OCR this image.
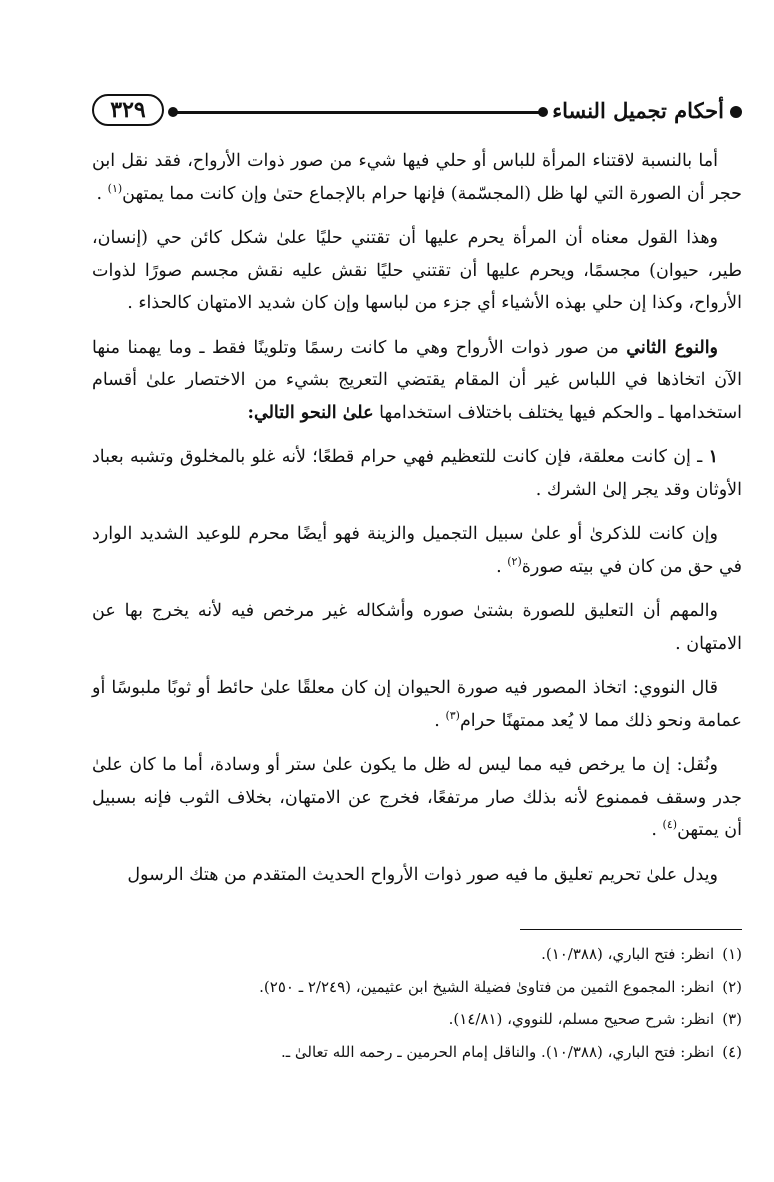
أحكام تجميل النساء
٣٢٩

أما بالنسبة لاقتناء المرأة للباس أو حلي فيها شيء من صور ذوات الأرواح، فقد نقل ابن حجر أن الصورة التي لها ظل (المجسّمة) فإنها حرام بالإجماع حتىٰ وإن كانت مما يمتهن$^{(١)}$ .

وهذا القول معناه أن المرأة يحرم عليها أن تقتني حليًا علىٰ شكل كائن حي (إنسان، طير، حيوان) مجسمًا، ويحرم عليها أن تقتني حليًا نقش عليه نقش مجسم صورًا لذوات الأرواح، وكذا إن حلي بهذه الأشياء أي جزء من لباسها وإن كان شديد الامتهان كالحذاء .

والنوع الثاني من صور ذوات الأرواح وهي ما كانت رسمًا وتلوينًا فقط ـ وما يهمنا منها الآن اتخاذها في اللباس غير أن المقام يقتضي التعريج بشيء من الاختصار علىٰ أقسام استخدامها ـ والحكم فيها يختلف باختلاف استخدامها علىٰ النحو التالي:

١ ـ إن كانت معلقة، فإن كانت للتعظيم فهي حرام قطعًا؛ لأنه غلو بالمخلوق وتشبه بعباد الأوثان وقد يجر إلىٰ الشرك .

وإن كانت للذكرىٰ أو علىٰ سبيل التجميل والزينة فهو أيضًا محرم للوعيد الشديد الوارد في حق من كان في بيته صورة$^{(٢)}$ .

والمهم أن التعليق للصورة بشتىٰ صوره وأشكاله غير مرخص فيه لأنه يخرج بها عن الامتهان .

قال النووي: اتخاذ المصور فيه صورة الحيوان إن كان معلقًا علىٰ حائط أو ثوبًا ملبوسًا أو عمامة ونحو ذلك مما لا يُعد ممتهنًا حرام$^{(٣)}$ .

ونُقل: إن ما يرخص فيه مما ليس له ظل ما يكون علىٰ ستر أو وسادة، أما ما كان علىٰ جدر وسقف فممنوع لأنه بذلك صار مرتفعًا، فخرج عن الامتهان، بخلاف الثوب فإنه بسبيل أن يمتهن$^{(٤)}$ .

ويدل علىٰ تحريم تعليق ما فيه صور ذوات الأرواح الحديث المتقدم من هتك الرسول

(١)انظر: فتح الباري، (١٠/٣٨٨).

(٢)انظر: المجموع الثمين من فتاوىٰ فضيلة الشيخ ابن عثيمين، (٢/٢٤٩ ـ ٢٥٠).

(٣)انظر: شرح صحيح مسلم، للنووي، (١٤/٨١).

(٤)انظر: فتح الباري، (١٠/٣٨٨). والناقل إمام الحرمين ـ رحمه الله تعالىٰ ـ.
